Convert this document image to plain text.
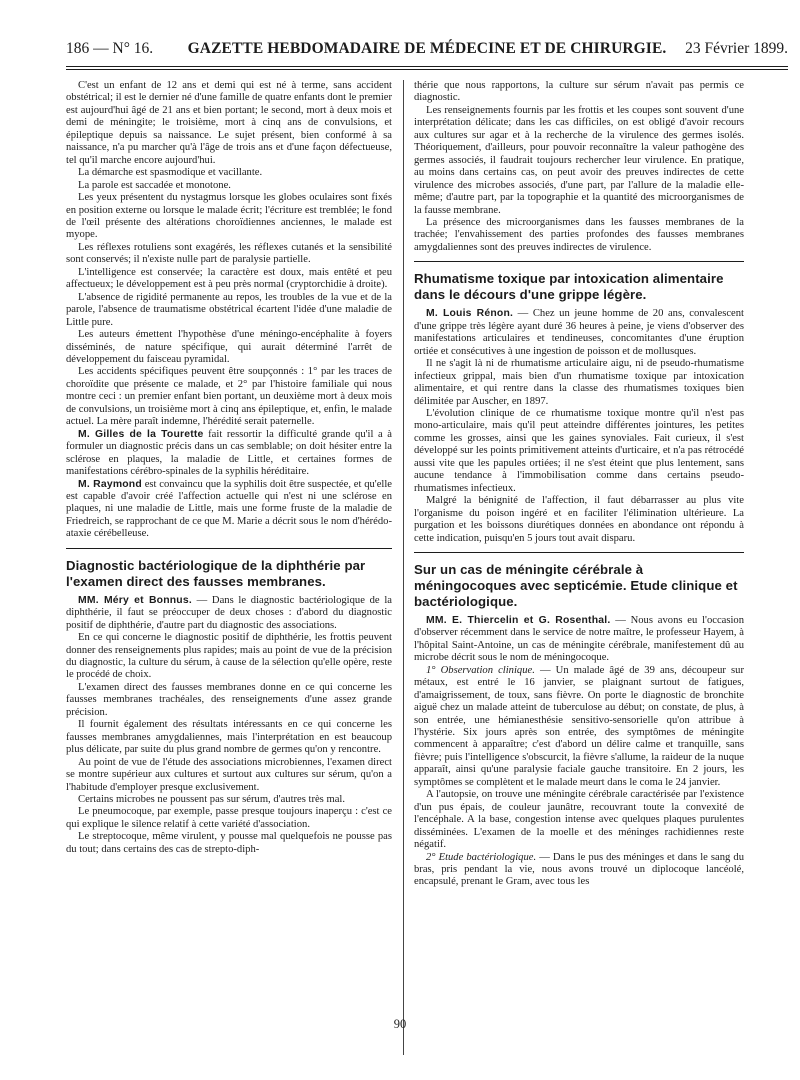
186 — N° 16.	GAZETTE HEBDOMADAIRE DE MÉDECINE ET DE CHIRURGIE.	23 Février 1899.

C'est un enfant de 12 ans et demi qui est né à terme, sans accident obstétrical; il est le dernier né d'une famille de quatre enfants dont le premier est aujourd'hui âgé de 21 ans et bien portant; le second, mort à deux mois et demi de méningite; le troisième, mort à cinq ans de convulsions, et épileptique depuis sa naissance. Le sujet présent, bien conformé à sa naissance, n'a pu marcher qu'à l'âge de trois ans et d'une façon défectueuse, tel qu'il marche encore aujourd'hui.

La démarche est spasmodique et vacillante.

La parole est saccadée et monotone.

Les yeux présentent du nystagmus lorsque les globes oculaires sont fixés en position externe ou lorsque le malade écrit; l'écriture est tremblée; le fond de l'œil présente des altérations choroïdiennes anciennes, le malade est myope.

Les réflexes rotuliens sont exagérés, les réflexes cutanés et la sensibilité sont conservés; il n'existe nulle part de paralysie partielle.

L'intelligence est conservée; la caractère est doux, mais entêté et peu affectueux; le développement est à peu près normal (cryptorchidie à droite).

L'absence de rigidité permanente au repos, les troubles de la vue et de la parole, l'absence de traumatisme obstétrical écartent l'idée d'une maladie de Little pure.

Les auteurs émettent l'hypothèse d'une méningo-encéphalite à foyers disséminés, de nature spécifique, qui aurait déterminé l'arrêt de développement du faisceau pyramidal.

Les accidents spécifiques peuvent être soupçonnés : 1° par les traces de choroïdite que présente ce malade, et 2° par l'histoire familiale qui nous montre ceci : un premier enfant bien portant, un deuxième mort à deux mois de convulsions, un troisième mort à cinq ans épileptique, et, enfin, le malade actuel. La mère paraît indemne, l'hérédité serait paternelle.

M. Gilles de la Tourette fait ressortir la difficulté grande qu'il a à formuler un diagnostic précis dans un cas semblable; on doit hésiter entre la sclérose en plaques, la maladie de Little, et certaines formes de manifestations cérébro-spinales de la syphilis héréditaire.

M. Raymond est convaincu que la syphilis doit être suspectée, et qu'elle est capable d'avoir créé l'affection actuelle qui n'est ni une sclérose en plaques, ni une maladie de Little, mais une forme fruste de la maladie de Friedreich, se rapprochant de ce que M. Marie a décrit sous le nom d'hérédo-ataxie cérébelleuse.

Diagnostic bactériologique de la diphthérie par l'examen direct des fausses membranes.

MM. Méry et Bonnus. — Dans le diagnostic bactériologique de la diphthérie, il faut se préoccuper de deux choses : d'abord du diagnostic positif de diphthérie, d'autre part du diagnostic des associations.

En ce qui concerne le diagnostic positif de diphthérie, les frottis peuvent donner des renseignements plus rapides; mais au point de vue de la précision du diagnostic, la culture du sérum, à cause de la sélection qu'elle opère, reste le procédé de choix.

L'examen direct des fausses membranes donne en ce qui concerne les fausses membranes trachéales, des renseignements d'une assez grande précision.

Il fournit également des résultats intéressants en ce qui concerne les fausses membranes amygdaliennes, mais l'interprétation en est beaucoup plus délicate, par suite du plus grand nombre de germes qu'on y rencontre.

Au point de vue de l'étude des associations microbiennes, l'examen direct se montre supérieur aux cultures et surtout aux cultures sur sérum, qu'on a l'habitude d'employer presque exclusivement.

Certains microbes ne poussent pas sur sérum, d'autres très mal.

Le pneumocoque, par exemple, passe presque toujours inaperçu : c'est ce qui explique le silence relatif à cette variété d'association.

Le streptocoque, même virulent, y pousse mal quelquefois ne pousse pas du tout; dans certains des cas de strepto-diph-

thérie que nous rapportons, la culture sur sérum n'avait pas permis ce diagnostic.

Les renseignements fournis par les frottis et les coupes sont souvent d'une interprétation délicate; dans les cas difficiles, on est obligé d'avoir recours aux cultures sur agar et à la recherche de la virulence des germes isolés. Théoriquement, d'ailleurs, pour pouvoir reconnaître la valeur pathogène des germes associés, il faudrait toujours rechercher leur virulence. En pratique, au moins dans certains cas, on peut avoir des preuves indirectes de cette virulence des microbes associés, d'une part, par l'allure de la maladie elle-même; d'autre part, par la topographie et la quantité des microorganismes de la fausse membrane.

La présence des microorganismes dans les fausses membranes de la trachée; l'envahissement des parties profondes des fausses membranes amygdaliennes sont des preuves indirectes de virulence.

Rhumatisme toxique par intoxication alimentaire dans le décours d'une grippe légère.

M. Louis Rénon. — Chez un jeune homme de 20 ans, convalescent d'une grippe très légère ayant duré 36 heures à peine, je viens d'observer des manifestations articulaires et tendineuses, concomitantes d'une éruption ortiée et consécutives à une ingestion de poisson et de mollusques.

Il ne s'agit là ni de rhumatisme articulaire aigu, ni de pseudo-rhumatisme infectieux grippal, mais bien d'un rhumatisme toxique par intoxication alimentaire, et qui rentre dans la classe des rhumatismes toxiques bien délimitée par Auscher, en 1897.

L'évolution clinique de ce rhumatisme toxique montre qu'il n'est pas mono-articulaire, mais qu'il peut atteindre différentes jointures, les petites comme les grosses, ainsi que les gaines synoviales. Fait curieux, il s'est développé sur les points primitivement atteints d'urticaire, et n'a pas rétrocédé aussi vite que les papules ortiées; il ne s'est éteint que plus lentement, sans aucune tendance à l'immobilisation comme dans certains pseudo-rhumatismes infectieux.

Malgré la bénignité de l'affection, il faut débarrasser au plus vite l'organisme du poison ingéré et en faciliter l'élimination ultérieure. La purgation et les boissons diurétiques données en abondance ont répondu à cette indication, puisqu'en 5 jours tout avait disparu.

Sur un cas de méningite cérébrale à méningocoques avec septicémie. Etude clinique et bactériologique.

MM. E. Thiercelin et G. Rosenthal. — Nous avons eu l'occasion d'observer récemment dans le service de notre maître, le professeur Hayem, à l'hôpital Saint-Antoine, un cas de méningite cérébrale, manifestement dû au microbe décrit sous le nom de méningocoque.

1° Observation clinique. — Un malade âgé de 39 ans, découpeur sur métaux, est entré le 16 janvier, se plaignant surtout de fatigues, d'amaigrissement, de toux, sans fièvre. On porte le diagnostic de bronchite aiguë chez un malade atteint de tuberculose au début; on constate, de plus, à son entrée, une hémianesthésie sensitivo-sensorielle qu'on attribue à l'hystérie. Six jours après son entrée, des symptômes de méningite commencent à apparaître; c'est d'abord un délire calme et tranquille, sans fièvre; puis l'intelligence s'obscurcit, la fièvre s'allume, la raideur de la nuque apparaît, ainsi qu'une paralysie faciale gauche transitoire. En 2 jours, les symptômes se complètent et le malade meurt dans le coma le 24 janvier.

A l'autopsie, on trouve une méningite cérébrale caractérisée par l'existence d'un pus épais, de couleur jaunâtre, recouvrant toute la convexité de l'encéphale. A la base, congestion intense avec quelques plaques purulentes disséminées. L'examen de la moelle et des méninges rachidiennes reste négatif.

2° Etude bactériologique. — Dans le pus des méninges et dans le sang du bras, pris pendant la vie, nous avons trouvé un diplocoque lancéolé, encapsulé, prenant le Gram, avec tous les

90
